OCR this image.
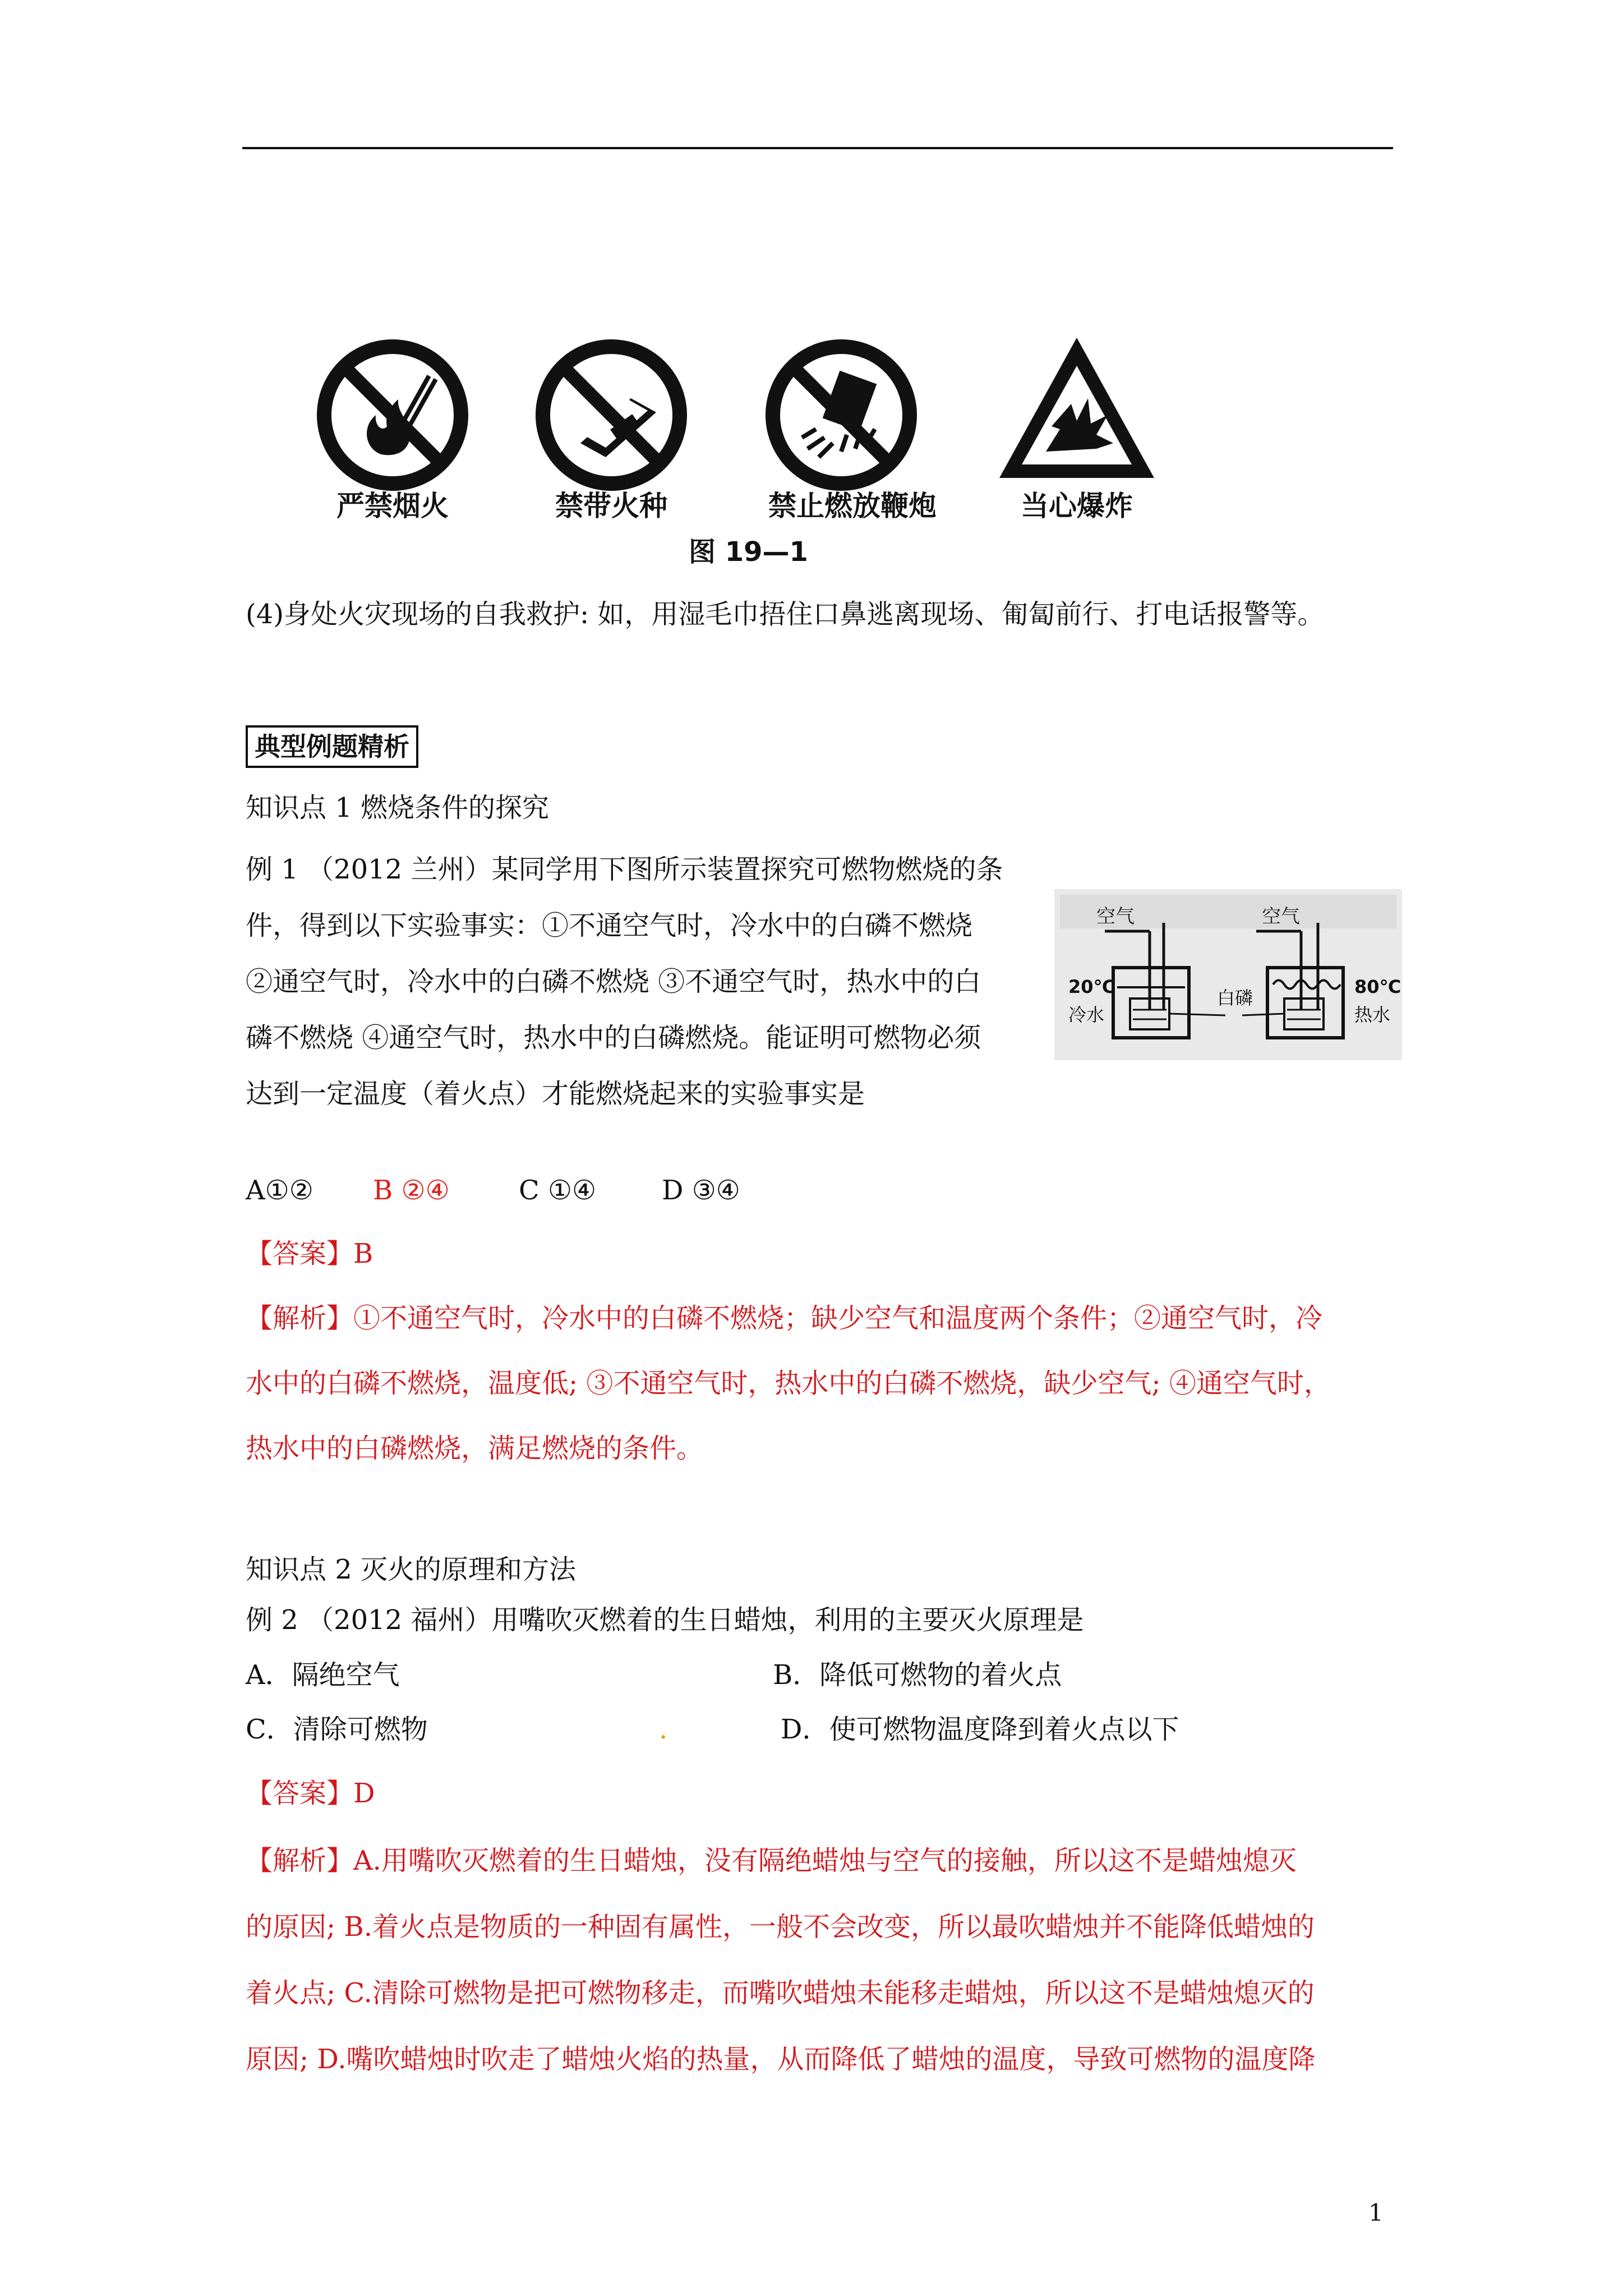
严禁烟火	禁带火种	禁止燃放鞭炮	当心爆炸
图 19—1
(4)身处火灾现场的自我救护: 如，用湿毛巾捂住口鼻逃离现场、匍匐前行、打电话报警等。
典型例题精析
知识点 1 燃烧条件的探究
例 1 （2012 兰州）某同学用下图所示装置探究可燃物燃烧的条
件，得到以下实验事实：①不通空气时，冷水中的白磷不燃烧
②通空气时，冷水中的白磷不燃烧 ③不通空气时，热水中的白
磷不燃烧 ④通空气时，热水中的白磷燃烧。能证明可燃物必须
达到一定温度（着火点）才能燃烧起来的实验事实是
空气
20℃
冷水
空气
白磷
80℃
热水
A①② B ②④	C ①④ D ③④
【答案】B
【解析】①不通空气时，冷水中的白磷不燃烧；缺少空气和温度两个条件；②通空气时，冷
水中的白磷不燃烧，温度低; ③不通空气时，热水中的白磷不燃烧，缺少空气; ④通空气时，
热水中的白磷燃烧，满足燃烧的条件。
知识点 2 灭火的原理和方法
例 2 （2012 福州）用嘴吹灭燃着的生日蜡烛，利用的主要灭火原理是
A．隔绝空气	B．降低可燃物的着火点
C．清除可燃物	.	D．使可燃物温度降到着火点以下
【答案】D
【解析】A.用嘴吹灭燃着的生日蜡烛，没有隔绝蜡烛与空气的接触，所以这不是蜡烛熄灭
的原因; B.着火点是物质的一种固有属性，一般不会改变，所以最吹蜡烛并不能降低蜡烛的
着火点; C.清除可燃物是把可燃物移走，而嘴吹蜡烛未能移走蜡烛，所以这不是蜡烛熄灭的
原因; D.嘴吹蜡烛时吹走了蜡烛火焰的热量，从而降低了蜡烛的温度，导致可燃物的温度降
1
